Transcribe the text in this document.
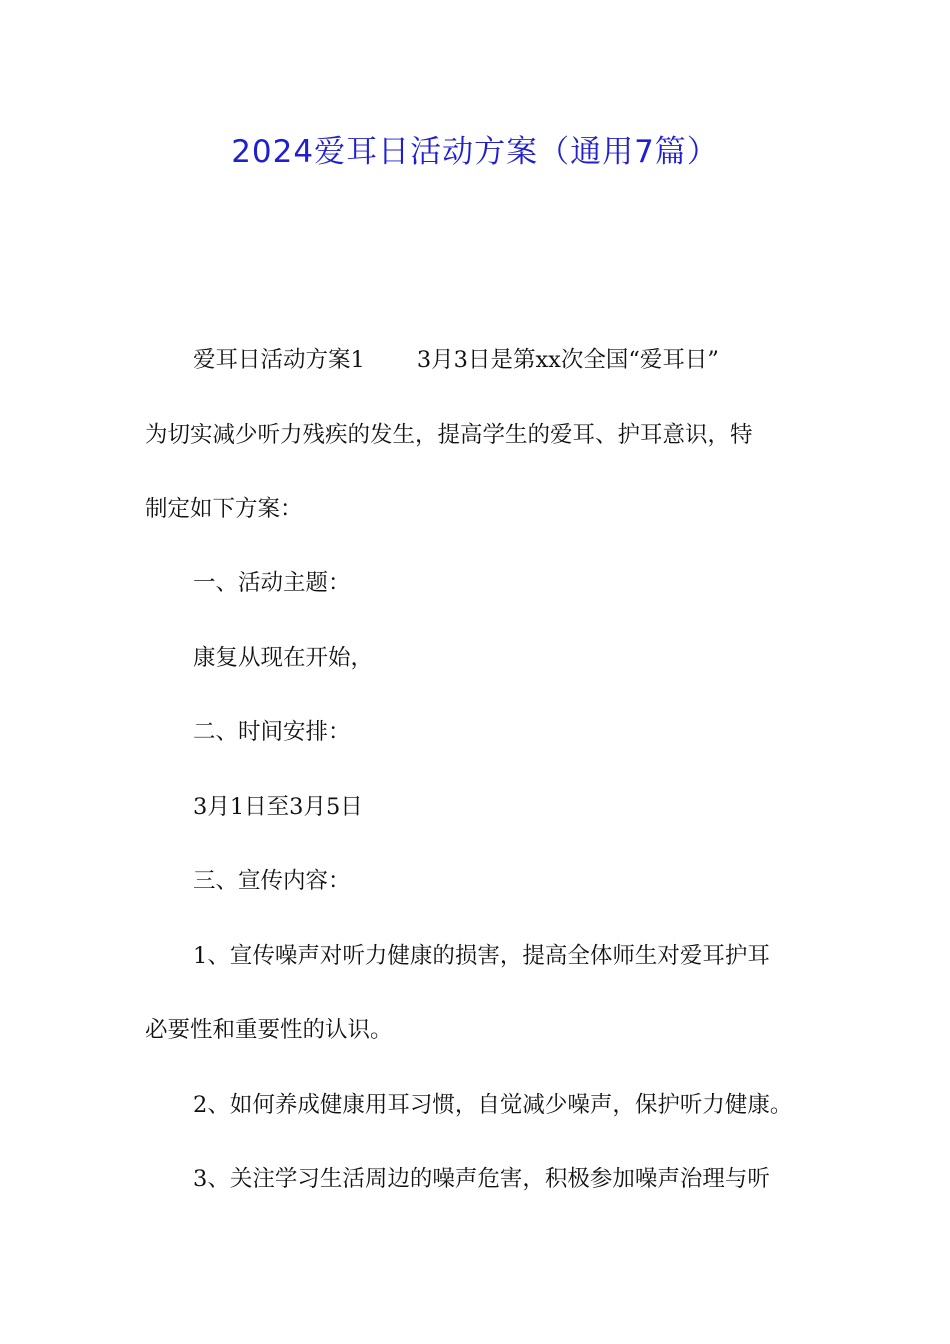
2024爱耳日活动方案（通用7篇）
爱耳日活动方案1 3月3日是第xx次全国“爱耳日”
为切实减少听力残疾的发生，提高学生的爱耳、护耳意识，特
制定如下方案：
一、活动主题：
康复从现在开始，
二、时间安排：
3月1日至3月5日
三、宣传内容：
1、宣传噪声对听力健康的损害，提高全体师生对爱耳护耳
必要性和重要性的认识。
2、如何养成健康用耳习惯，自觉减少噪声，保护听力健康。
3、关注学习生活周边的噪声危害，积极参加噪声治理与听
